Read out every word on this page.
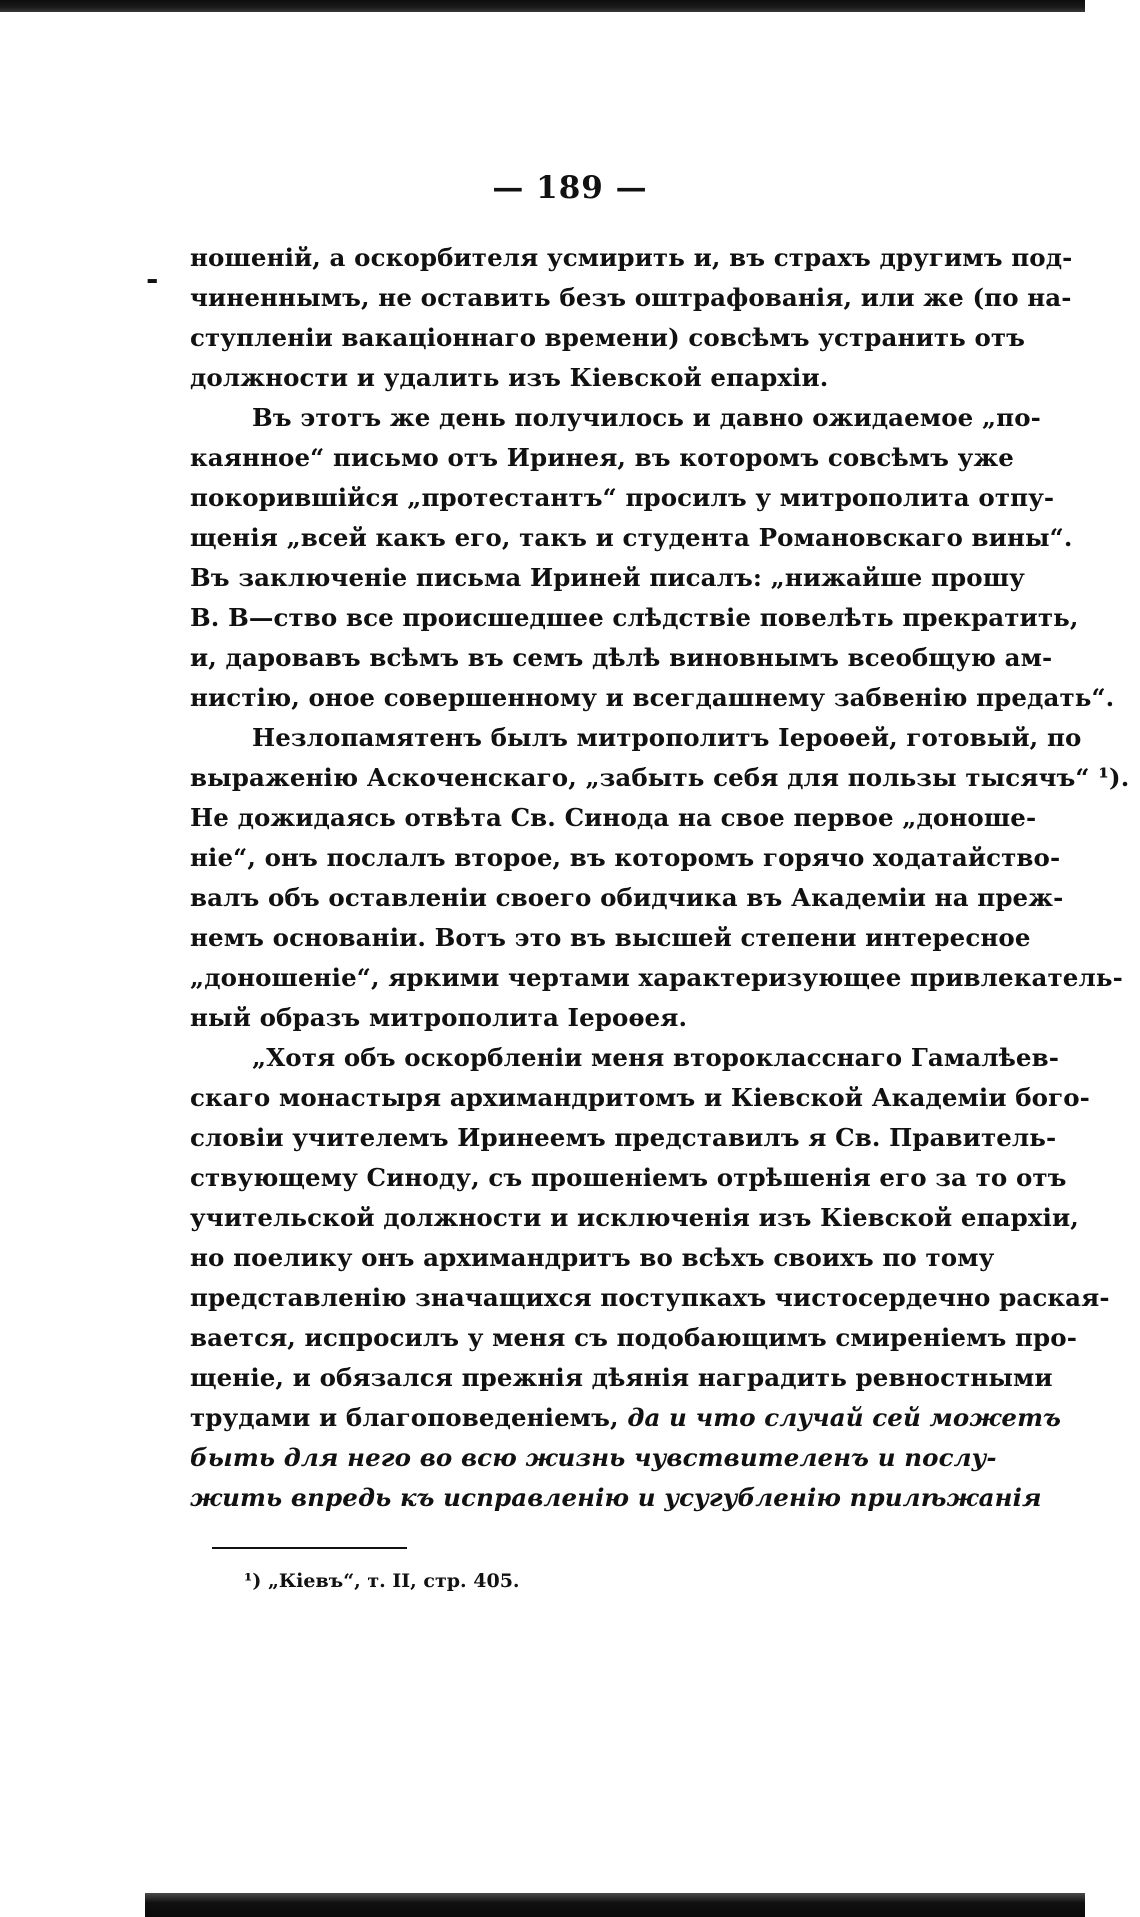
— 189 —
-
ношеній, а оскорбителя усмирить и, въ страхъ другимъ под-
чиненнымъ, не оставить безъ оштрафованія, или же (по на-
ступленіи вакаціоннаго времени) совсѣмъ устранить отъ
должности и удалить изъ Кіевской епархіи.
Въ этотъ же день получилось и давно ожидаемое „по-
каянное“ письмо отъ Иринея, въ которомъ совсѣмъ уже
покорившійся „протестантъ“ просилъ у митрополита отпу-
щенія „всей какъ его, такъ и студента Романовскаго вины“.
Въ заключеніе письма Ириней писалъ: „нижайше прошу
В. В—ство все происшедшее слѣдствіе повелѣть прекратить,
и, даровавъ всѣмъ въ семъ дѣлѣ виновнымъ всеобщую ам-
нистію, оное совершенному и всегдашнему забвенію предать“.
Незлопамятенъ былъ митрополитъ Іероѳей, готовый, по
выраженію Аскоченскаго, „забыть себя для пользы тысячъ“ ¹).
Не дожидаясь отвѣта Св. Синода на свое первое „доноше-
ніе“, онъ послалъ второе, въ которомъ горячо ходатайство-
валъ объ оставленіи своего обидчика въ Академіи на преж-
немъ основаніи. Вотъ это въ высшей степени интересное
„доношеніе“, яркими чертами характеризующее привлекатель-
ный образъ митрополита Іероѳея.
„Хотя объ оскорбленіи меня второкласснаго Гамалѣев-
скаго монастыря архимандритомъ и Кіевской Академіи бого-
словіи учителемъ Иринеемъ представилъ я Св. Правитель-
ствующему Синоду, съ прошеніемъ отрѣшенія его за то отъ
учительской должности и исключенія изъ Кіевской епархіи,
но поелику онъ архимандритъ во всѣхъ своихъ по тому
представленію значащихся поступкахъ чистосердечно раская-
вается, испросилъ у меня съ подобающимъ смиреніемъ про-
щеніе, и обязался прежнія дѣянія наградить ревностными
трудами и благоповеденіемъ, да и что случай сей можетъ
быть для него во всю жизнь чувствителенъ и послу-
жить впредь къ исправленію и усугубленію прилѣжанія
¹) „Кіевъ“, т. II, стр. 405.
